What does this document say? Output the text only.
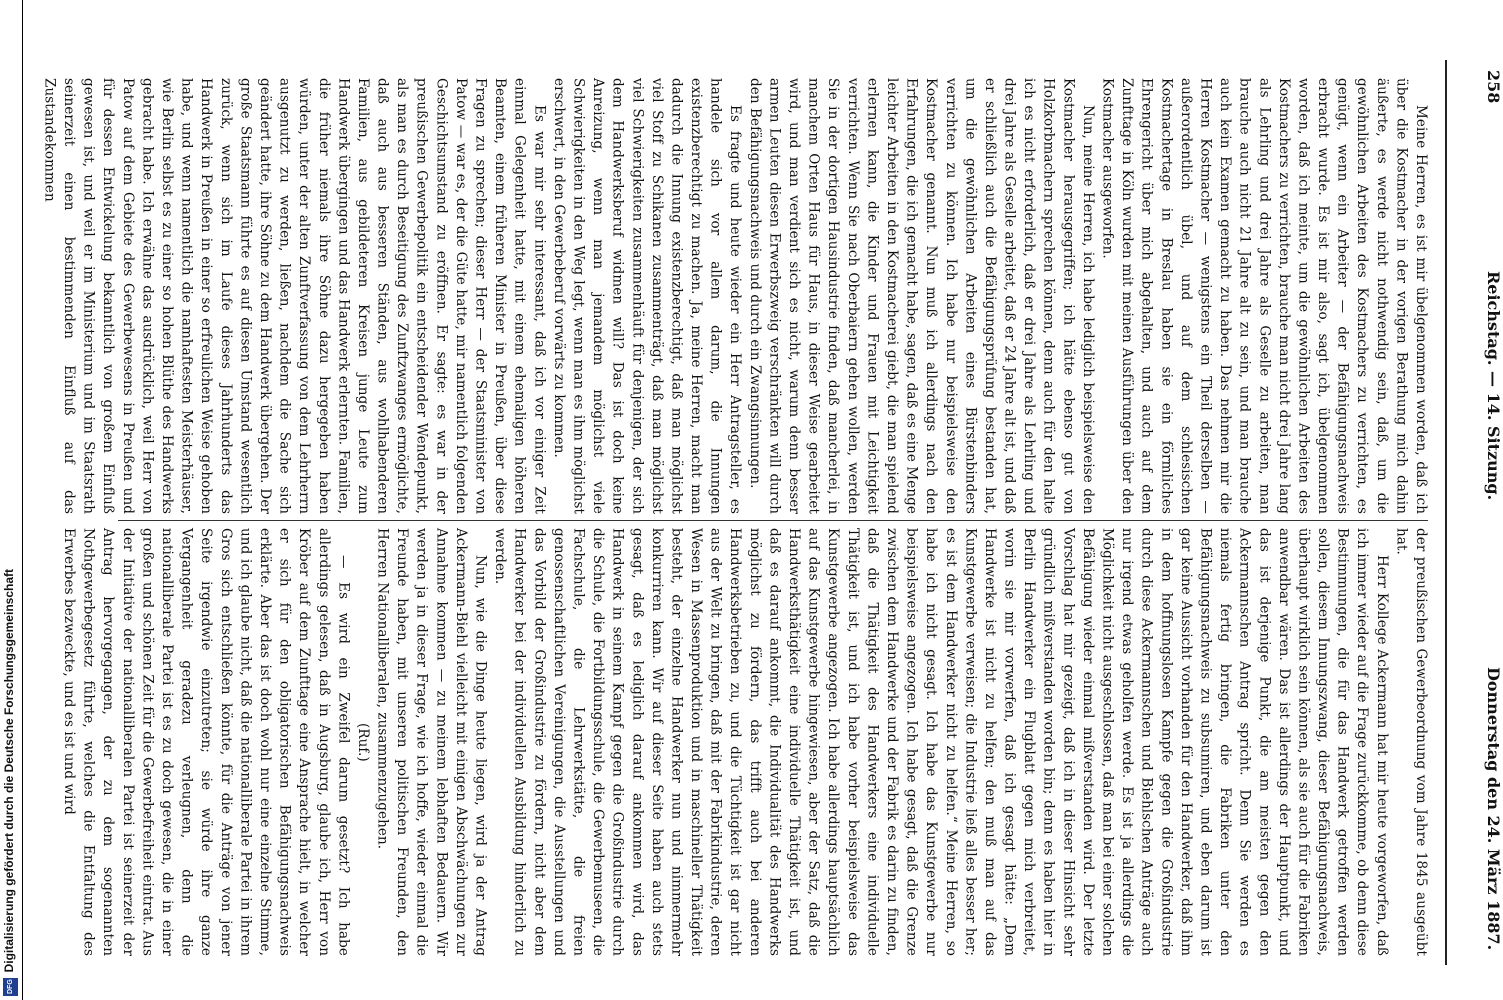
258
Reichstag. — 14. Sitzung.
Donnerstag den 24. März 1887.

Meine Herren, es ist mir übelgenommen worden, daß ich über die Kostmacher in der vorigen Berathung mich dahin äußerte, es werde nicht nothwendig sein, daß, um die gewöhnlichen Arbeiten des Kostmachers zu verrichten, es genügt, wenn ein Arbeiter — der Befähigungsnachweis erbracht wurde. Es ist mir also, sagt ich, übelgenommen worden, daß ich meinte, um die gewöhnlichen Arbeiten des Kostmachers zu verrichten, brauche man nicht drei Jahre lang als Lehrling und drei Jahre als Geselle zu arbeiten, man brauche auch nicht 21 Jahre alt zu sein, und man brauche auch kein Examen gemacht zu haben. Das nehmen mir die Herren Kostmacher — wenigstens ein Theil derselben — außerordentlich übel, und auf dem schlesischen Kostmachertage in Breslau haben sie ein förmliches Ehrengericht über mich abgehalten, und auch auf dem Zunfttage in Köln wurden mit meinen Ausführungen über den Kostmacher ausgeworfen.

Nun, meine Herren, ich habe lediglich beispielsweise den Kostmacher herausgegriffen; ich hätte ebenso gut von Holzkorbmachern sprechen können, denn auch für den halte ich es nicht erforderlich, daß er drei Jahre als Lehrling und drei Jahre als Geselle arbeitet, daß er 24 Jahre alt ist, und daß er schließlich auch die Befähigungsprüfung bestanden hat, um die gewöhnlichen Arbeiten eines Bürstenbinders verrichten zu können. Ich habe nur beispielsweise den Kostmacher genannt. Nun muß ich allerdings nach den Erfahrungen, die ich gemacht habe, sagen, daß es eine Menge leichter Arbeiten in den Kostmacherei giebt, die man spielend erlernen kann, die Kinder und Frauen mit Leichtigkeit verrichten. Wenn Sie nach Oberbaiern gehen wollen, werden Sie in der dortigen Hausindustrie finden, daß mancherlei, in manchem Orten Haus für Haus, in dieser Weise gearbeitet wird, und man verdient sich es nicht, warum denn besser armen Leuten diesen Erwerbszweig verschränkten will durch den Befähigungsnachweis und durch ein Zwangsinnungen.

Es fragte und heute wieder ein Herr Antragsteller, es handele sich vor allem darum, die Innungen existenzberechtigt zu machen. Ja, meine Herren, macht man dadurch die Innung existenzberechtigt, daß man möglichst viel Stoff zu Schikanen zusammenträgt, daß man möglichst viel Schwierigkeiten zusammenhäuft für denjenigen, der sich dem Handwerksberuf widmen will? Das ist doch keine Anreizung, wenn man jemandem möglichst viele Schwierigkeiten in den Weg legt, wenn man es ihm möglichst erschwert, in den Gewerbeberuf vorwärts zu kommen.

Es war mir sehr interessant, daß ich vor einiger Zeit einmal Gelegenheit hatte, mit einem ehemaligen höheren Beamten, einem früheren Minister in Preußen, über diese Fragen zu sprechen; dieser Herr — der Staatsminister von Patow — war es, der die Güte hatte, mir namentlich folgenden Geschichtsumstand zu eröffnen. Er sagte: es war in der preußischen Gewerbepolitik ein entscheidender Wendepunkt, als man es durch Beseitigung des Zunftzwanges ermöglichte, daß auch aus besseren Ständen, aus wohlhabenderen Familien, aus gebildeteren Kreisen junge Leute zum Handwerk übergingen und das Handwerk erlernten. Familien, die früher niemals ihre Söhne dazu hergegeben haben würden, unter der alten Zunftverfassung von dem Lehrherrn ausgenutzt zu werden, ließen, nachdem die Sache sich geändert hatte, ihre Söhne zu dem Handwerk übergehen. Der große Staatsmann führte es auf diesen Umstand wesentlich zurück, wenn sich im Laufe dieses Jahrhunderts das Handwerk in Preußen in einer so erfreulichen Weise gehoben habe, und wenn namentlich die namhaftesten Meisterhäuser, wie Berlin selbst es zu einer so hohen Blüthe des Handwerks gebracht habe. Ich erwähne das ausdrücklich, weil Herr von Patow auf dem Gebiete des Gewerbewesens in Preußen und für dessen Entwickelung bekanntlich von großem Einfluß gewesen ist, und weil er im Ministerium und im Staatsrath seinerzeit einen bestimmenden Einfluß auf das Zustandekommen

der preußischen Gewerbeordnung vom Jahre 1845 ausgeübt hat.

Herr Kollege Ackermann hat mir heute vorgeworfen, daß ich immer wieder auf die Frage zurückkomme, ob denn diese Bestimmungen, die für das Handwerk getroffen werden sollen, diesem Innungszwang, dieser Befähigungsnachweis, überhaupt wirklich sein können, als sie auch für die Fabriken anwendbar wären. Das ist allerdings der Hauptpunkt, und das ist derjenige Punkt, die am meisten gegen den Ackermannschen Antrag spricht. Denn Sie werden es niemals fertig bringen, die Fabriken unter den Befähigungsnachweis zu subsumiren, und eben darum ist gar keine Aussicht vorhanden für den Handwerker, daß ihm in dem hoffnungslosen Kampfe gegen die Großindustrie durch diese Ackermannschen und Biehlschen Anträge auch nur irgend etwas geholfen werde. Es ist ja allerdings die Möglichkeit nicht ausgeschlossen, daß man bei einer solchen Befähigung wieder einmal mißverstanden wird. Der letzte Vorschlag hat mir gezeigt, daß ich in dieser Hinsicht sehr gründlich mißverstanden worden bin; denn es haben hier in Berlin Handwerker ein Flugblatt gegen mich verbreitet, worin sie mir vorwerfen, daß ich gesagt hätte: „Dem Handwerke ist nicht zu helfen; den muß man auf das Kunstgewerbe verweisen; die Industrie ließ alles besser her; es ist dem Handwerker nicht zu helfen.“ Meine Herren, so habe ich nicht gesagt. Ich habe das Kunstgewerbe nur beispielsweise angezogen. Ich habe gesagt, daß die Grenze zwischen dem Handwerke und der Fabrik es darin zu finden, daß die Thätigkeit des Handwerkers eine individuelle Thätigkeit ist, und ich habe vorher beispielsweise das Kunstgewerbe angezogen. Ich habe allerdings hauptsächlich auf das Kunstgewerbe hingewiesen, aber der Satz, daß die Handwerksthätigkeit eine individuelle Thätigkeit ist, und daß es darauf ankommt, die Individualität des Handwerks möglichst zu fördern, das trifft auch bei anderen Handwerksbetrieben zu, und die Tüchtigkeit ist gar nicht aus der Welt zu bringen, daß mit der Fabrikindustrie, deren Wesen in Massenproduktion und in maschineller Thätigkeit besteht, der einzelne Handwerker nun und nimmermehr konkurriren kann. Wir auf dieser Seite haben auch stets gesagt, daß es lediglich darauf ankommen wird, das Handwerk in seinem Kampf gegen die Großindustrie durch die Schule, die Fortbildungsschule, die Gewerbemuseen, die Fachschule, die Lehrwerkstätte, die freien genossenschaftlichen Vereinigungen, die Ausstellungen und das Vorbild der Großindustrie zu fördern, nicht aber dem Handwerker bei der individuellen Ausbildung hinderlich zu werden.

Nun, wie die Dinge heute liegen, wird ja der Antrag Ackermann-Biehl vielleicht mit einigen Abschwächungen zur Annahme kommen — zu meinem lebhaften Bedauern. Wir werden ja in dieser Frage, wie ich hoffe, wieder einmal die Freunde haben, mit unseren politischen Freunden, den Herren Nationalliberalen, zusammenzugehen.

(Ruf.)

— Es wird ein Zweifel darum gesetzt? Ich habe allerdings gelesen, daß in Augsburg, glaube ich, Herr von Kröber auf dem Zunfttage eine Ansprache hielt, in welcher er sich für den obligatorischen Befähigungsnachweis erklärte. Aber das ist doch wohl nur eine einzelne Stimme, und ich glaube nicht, daß die nationalliberale Partei in ihrem Gros sich entschließen könnte, für die Anträge von jener Seite irgendwie einzutreten; sie würde ihre ganze Vergangenheit geradezu verleugnen, denn die nationalliberale Partei ist es zu doch gewesen, die in einer großen und schönen Zeit für die Gewerbefreiheit eintrat. Aus der Initiative der nationalliberalen Partei ist seinerzeit der Antrag hervorgegangen, der zu dem sogenannten Nothgewerbegesetz führte, welches die Entfaltung des Erwerbes bezweckte, und es ist und wird

Digitalisierung gefördert durch die Deutsche Forschungsgemeinschaft
DFG
